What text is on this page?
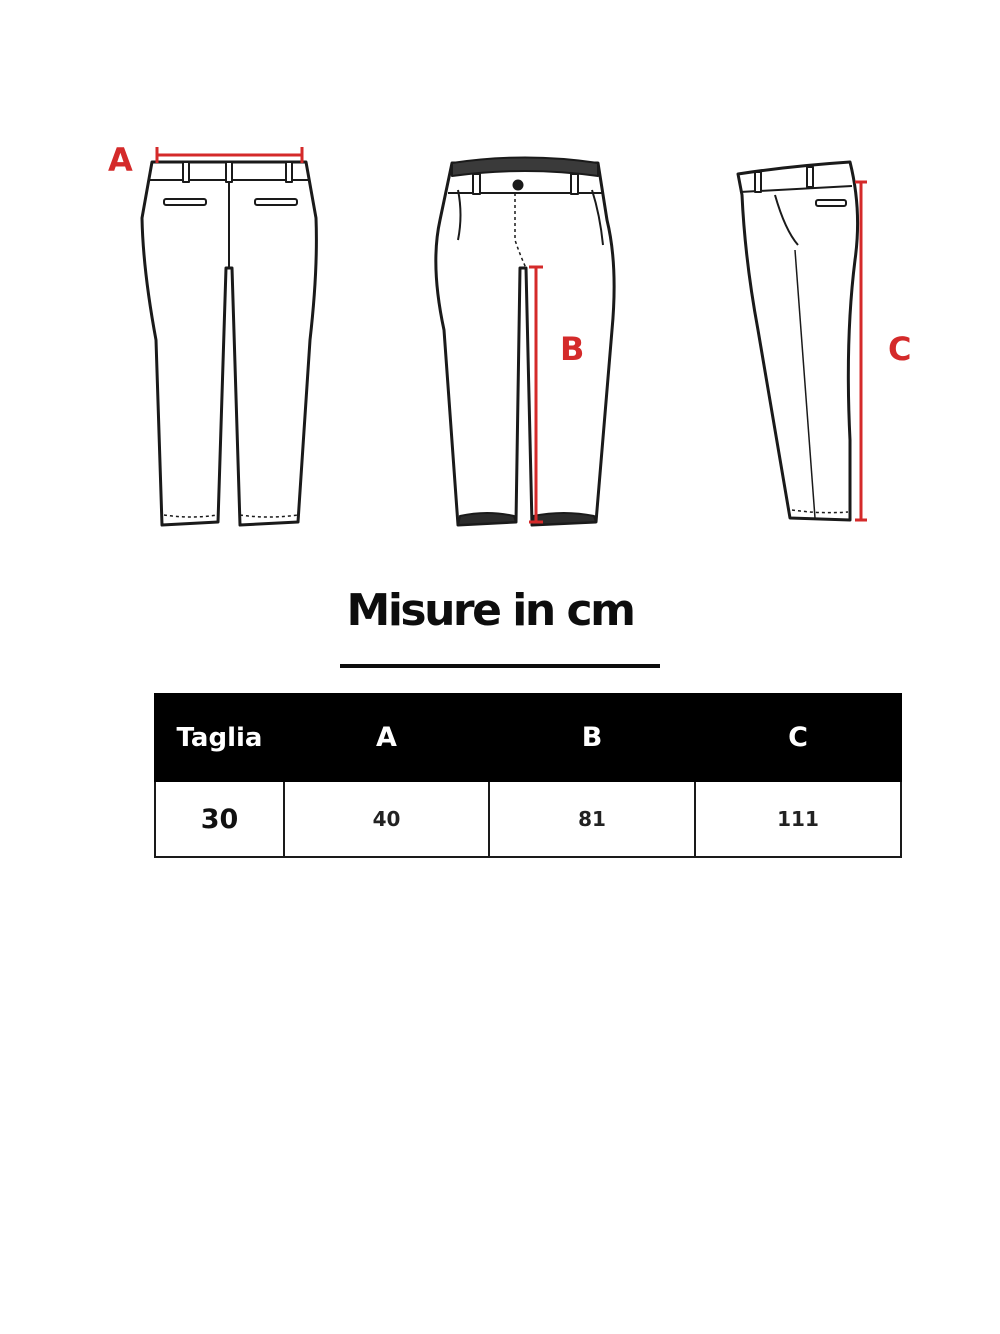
A
B	C
Misure in cm
Taglia	A	B	C
30	40	81	111
